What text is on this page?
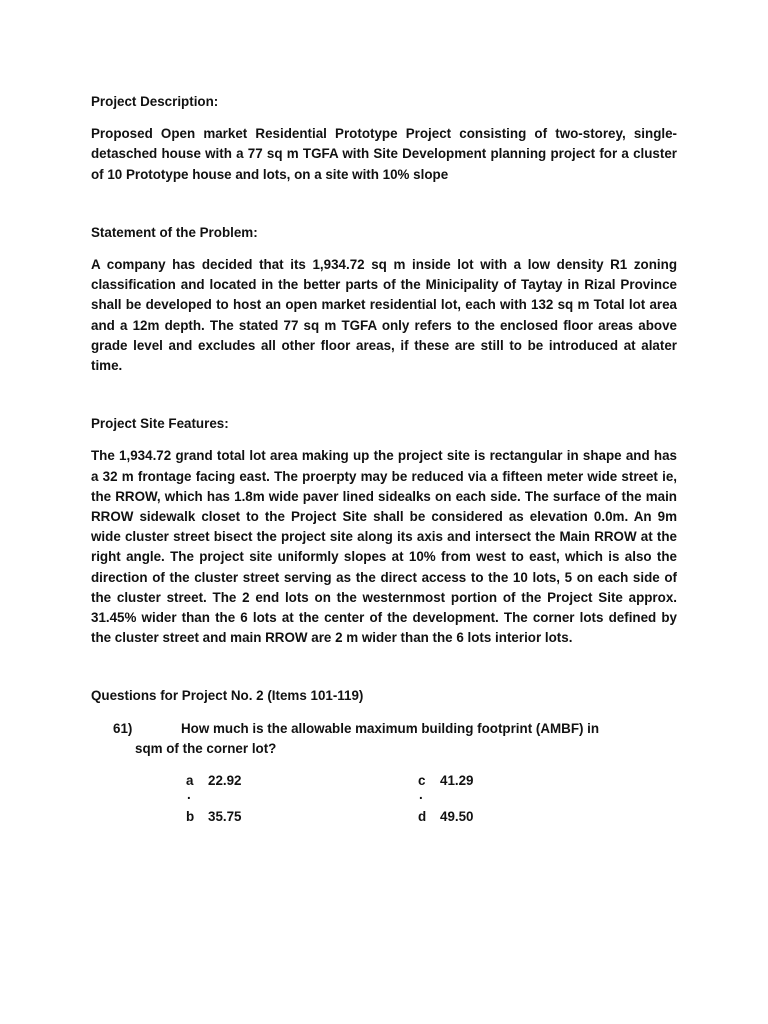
Project Description:

Proposed Open market Residential Prototype Project consisting of two-storey, single-detasched house with a 77 sq m TGFA with Site Development planning project for a cluster of 10 Prototype house and lots, on a site with 10% slope

Statement of the Problem:

A company has decided that its 1,934.72 sq m inside lot with a low density R1 zoning classification and located in the better parts of the Minicipality of Taytay in Rizal Province shall be developed to host an open market residential lot, each with 132 sq m Total lot area and a 12m depth. The stated 77 sq m TGFA only refers to the enclosed floor areas above grade level and excludes all other floor areas, if these are still to be introduced at alater time.

Project Site Features:

The 1,934.72 grand total lot area making up the project site is rectangular in shape and has a 32 m frontage facing east. The proerpty may be reduced via a fifteen meter wide street ie, the RROW, which has 1.8m wide paver lined sidealks on each side. The surface of the main RROW sidewalk closet to the Project Site shall be considered as elevation 0.0m. An 9m wide cluster street bisect the project site along its axis and intersect the Main RROW at the right angle. The project site uniformly slopes at 10% from west to east, which is also the direction of the cluster street serving as the direct access to the 10 lots, 5 on each side of the cluster street. The 2 end lots on the westernmost portion of the Project Site approx. 31.45% wider than the 6 lots at the center of the development. The corner lots defined by the cluster street and main RROW are 2 m wider than the 6 lots interior lots.

Questions for Project No. 2 (Items 101-119)

61)	How much is the allowable maximum building footprint (AMBF) in
sqm of the corner lot?
a
.
22.92
b	35.75
c
.
41.29
d	49.50
